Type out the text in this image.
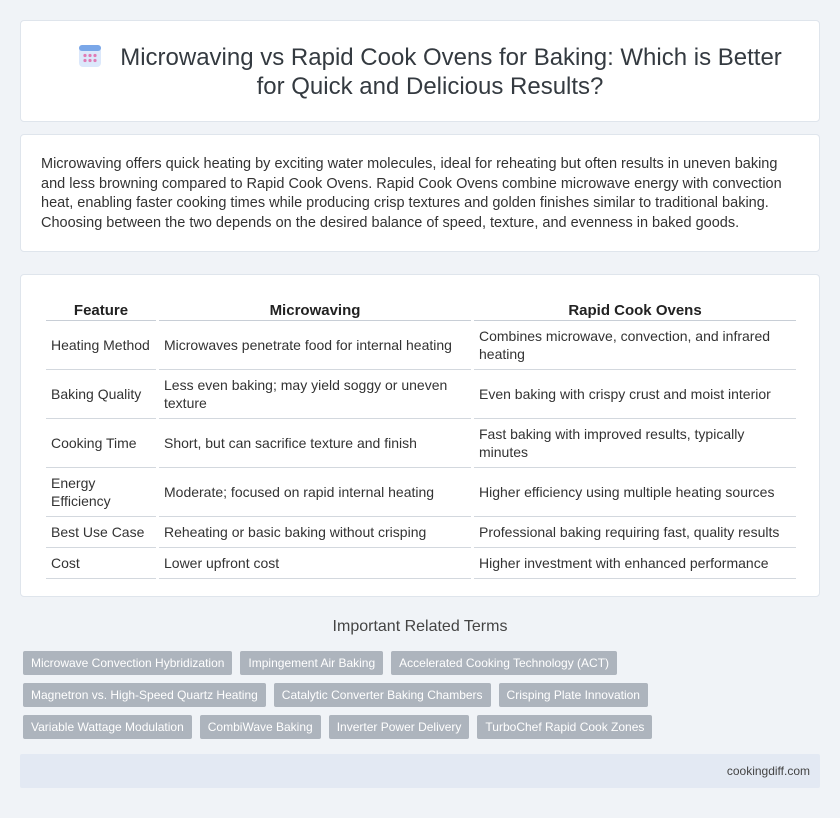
Microwaving vs Rapid Cook Ovens for Baking: Which is Better for Quick and Delicious Results?

Microwaving offers quick heating by exciting water molecules, ideal for reheating but often results in uneven baking and less browning compared to Rapid Cook Ovens. Rapid Cook Ovens combine microwave energy with convection heat, enabling faster cooking times while producing crisp textures and golden finishes similar to traditional baking. Choosing between the two depends on the desired balance of speed, texture, and evenness in baked goods.

Feature	Microwaving	Rapid Cook Ovens
Heating Method	Microwaves penetrate food for internal heating	Combines microwave, convection, and infrared heating
Baking Quality	Less even baking; may yield soggy or uneven texture	Even baking with crispy crust and moist interior
Cooking Time	Short, but can sacrifice texture and finish	Fast baking with improved results, typically minutes
Energy Efficiency	Moderate; focused on rapid internal heating	Higher efficiency using multiple heating sources
Best Use Case	Reheating or basic baking without crisping	Professional baking requiring fast, quality results
Cost	Lower upfront cost	Higher investment with enhanced performance
Important Related Terms
Microwave Convection Hybridization	Impingement Air Baking	Accelerated Cooking Technology (ACT)
Magnetron vs. High-Speed Quartz Heating	Catalytic Converter Baking Chambers	Crisping Plate Innovation
Variable Wattage Modulation	CombiWave Baking	Inverter Power Delivery	TurboChef Rapid Cook Zones
cookingdiff.com
